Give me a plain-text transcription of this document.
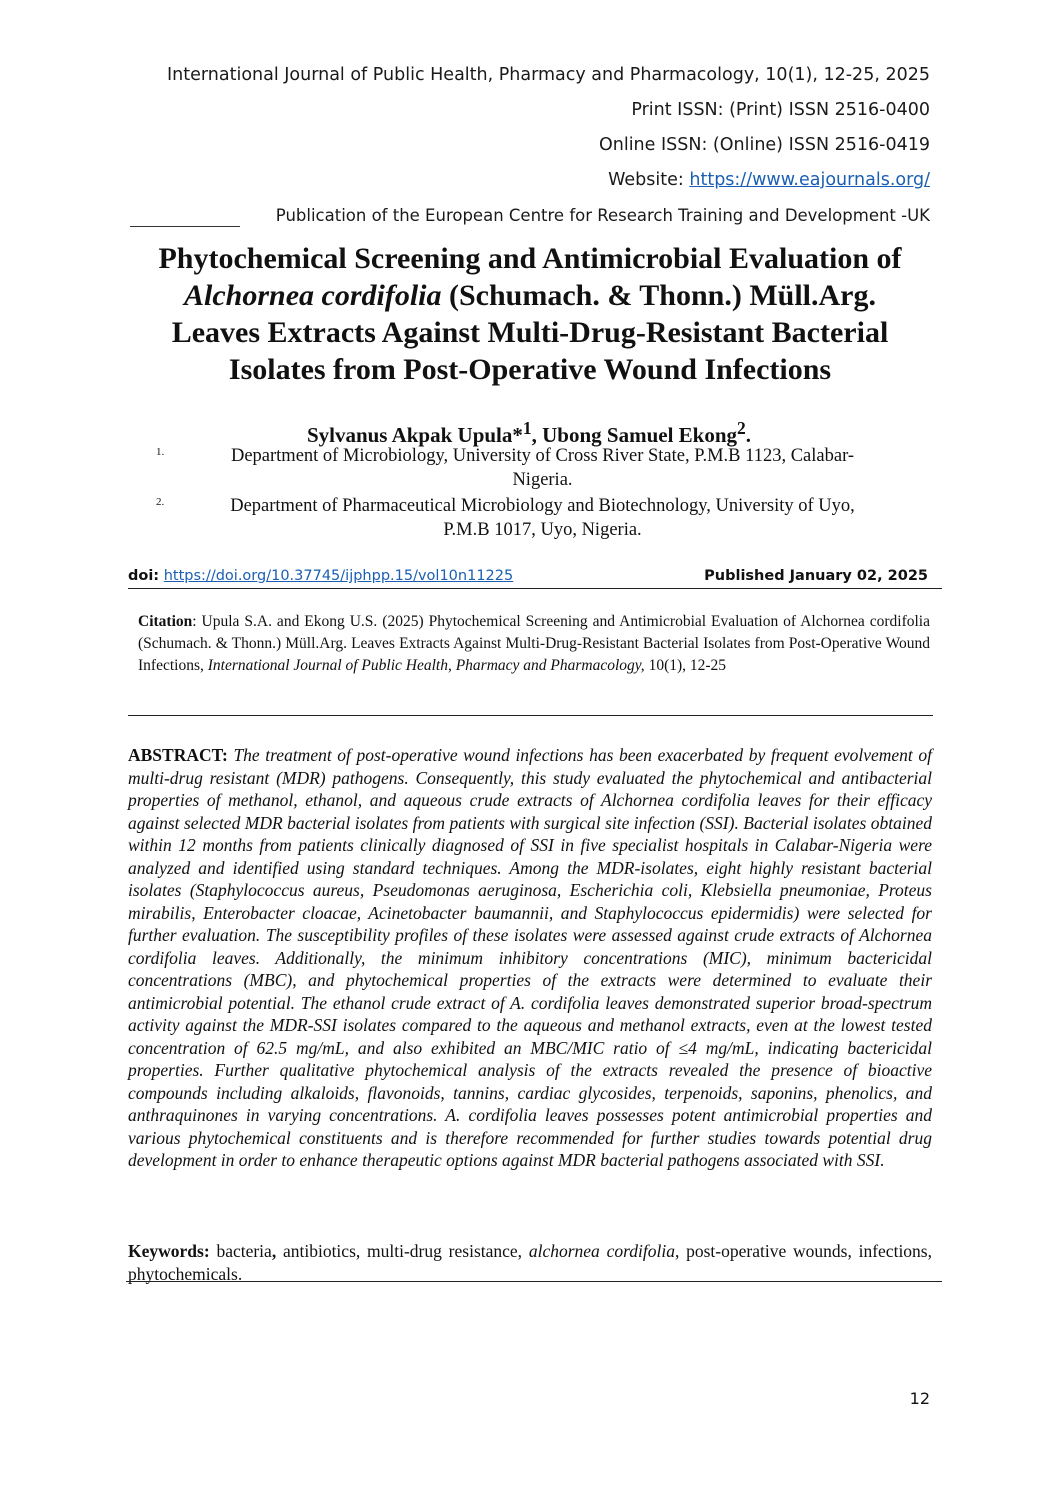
International Journal of Public Health, Pharmacy and Pharmacology, 10(1), 12-25, 2025
Print ISSN: (Print) ISSN 2516-0400
Online ISSN: (Online) ISSN 2516-0419
Website: https://www.eajournals.org/
Publication of the European Centre for Research Training and Development -UK
Phytochemical Screening and Antimicrobial Evaluation of
Alchornea cordifolia (Schumach. & Thonn.) Müll.Arg.
Leaves Extracts Against Multi-Drug-Resistant Bacterial
Isolates from Post-Operative Wound Infections

Sylvanus Akpak Upula*$^1$, Ubong Samuel Ekong$^2$.

1.	Department of Microbiology, University of Cross River State, P.M.B 1123, Calabar-
Nigeria.
2.	Department of Pharmaceutical Microbiology and Biotechnology, University of Uyo,
P.M.B 1017, Uyo, Nigeria.
doi: https://doi.org/10.37745/ijphpp.15/vol10n11225	Published January 02, 2025

Citation: Upula S.A. and Ekong U.S. (2025) Phytochemical Screening and Antimicrobial Evaluation of Alchornea cordifolia (Schumach. & Thonn.) Müll.Arg. Leaves Extracts Against Multi-Drug-Resistant Bacterial Isolates from Post-Operative Wound Infections, International Journal of Public Health, Pharmacy and Pharmacology, 10(1), 12-25

ABSTRACT: The treatment of post-operative wound infections has been exacerbated by frequent evolvement of multi-drug resistant (MDR) pathogens. Consequently, this study evaluated the phytochemical and antibacterial properties of methanol, ethanol, and aqueous crude extracts of Alchornea cordifolia leaves for their efficacy against selected MDR bacterial isolates from patients with surgical site infection (SSI). Bacterial isolates obtained within 12 months from patients clinically diagnosed of SSI in five specialist hospitals in Calabar-Nigeria were analyzed and identified using standard techniques. Among the MDR-isolates, eight highly resistant bacterial isolates (Staphylococcus aureus, Pseudomonas aeruginosa, Escherichia coli, Klebsiella pneumoniae, Proteus mirabilis, Enterobacter cloacae, Acinetobacter baumannii, and Staphylococcus epidermidis) were selected for further evaluation. The susceptibility profiles of these isolates were assessed against crude extracts of Alchornea cordifolia leaves. Additionally, the minimum inhibitory concentrations (MIC), minimum bactericidal concentrations (MBC), and phytochemical properties of the extracts were determined to evaluate their antimicrobial potential. The ethanol crude extract of A. cordifolia leaves demonstrated superior broad-spectrum activity against the MDR-SSI isolates compared to the aqueous and methanol extracts, even at the lowest tested concentration of 62.5 mg/mL, and also exhibited an MBC/MIC ratio of ≤4 mg/mL, indicating bactericidal properties. Further qualitative phytochemical analysis of the extracts revealed the presence of bioactive compounds including alkaloids, flavonoids, tannins, cardiac glycosides, terpenoids, saponins, phenolics, and anthraquinones in varying concentrations. A. cordifolia leaves possesses potent antimicrobial properties and various phytochemical constituents and is therefore recommended for further studies towards potential drug development in order to enhance therapeutic options against MDR bacterial pathogens associated with SSI.

Keywords: bacteria, antibiotics, multi-drug resistance, alchornea cordifolia, post-operative wounds, infections, phytochemicals.

12
